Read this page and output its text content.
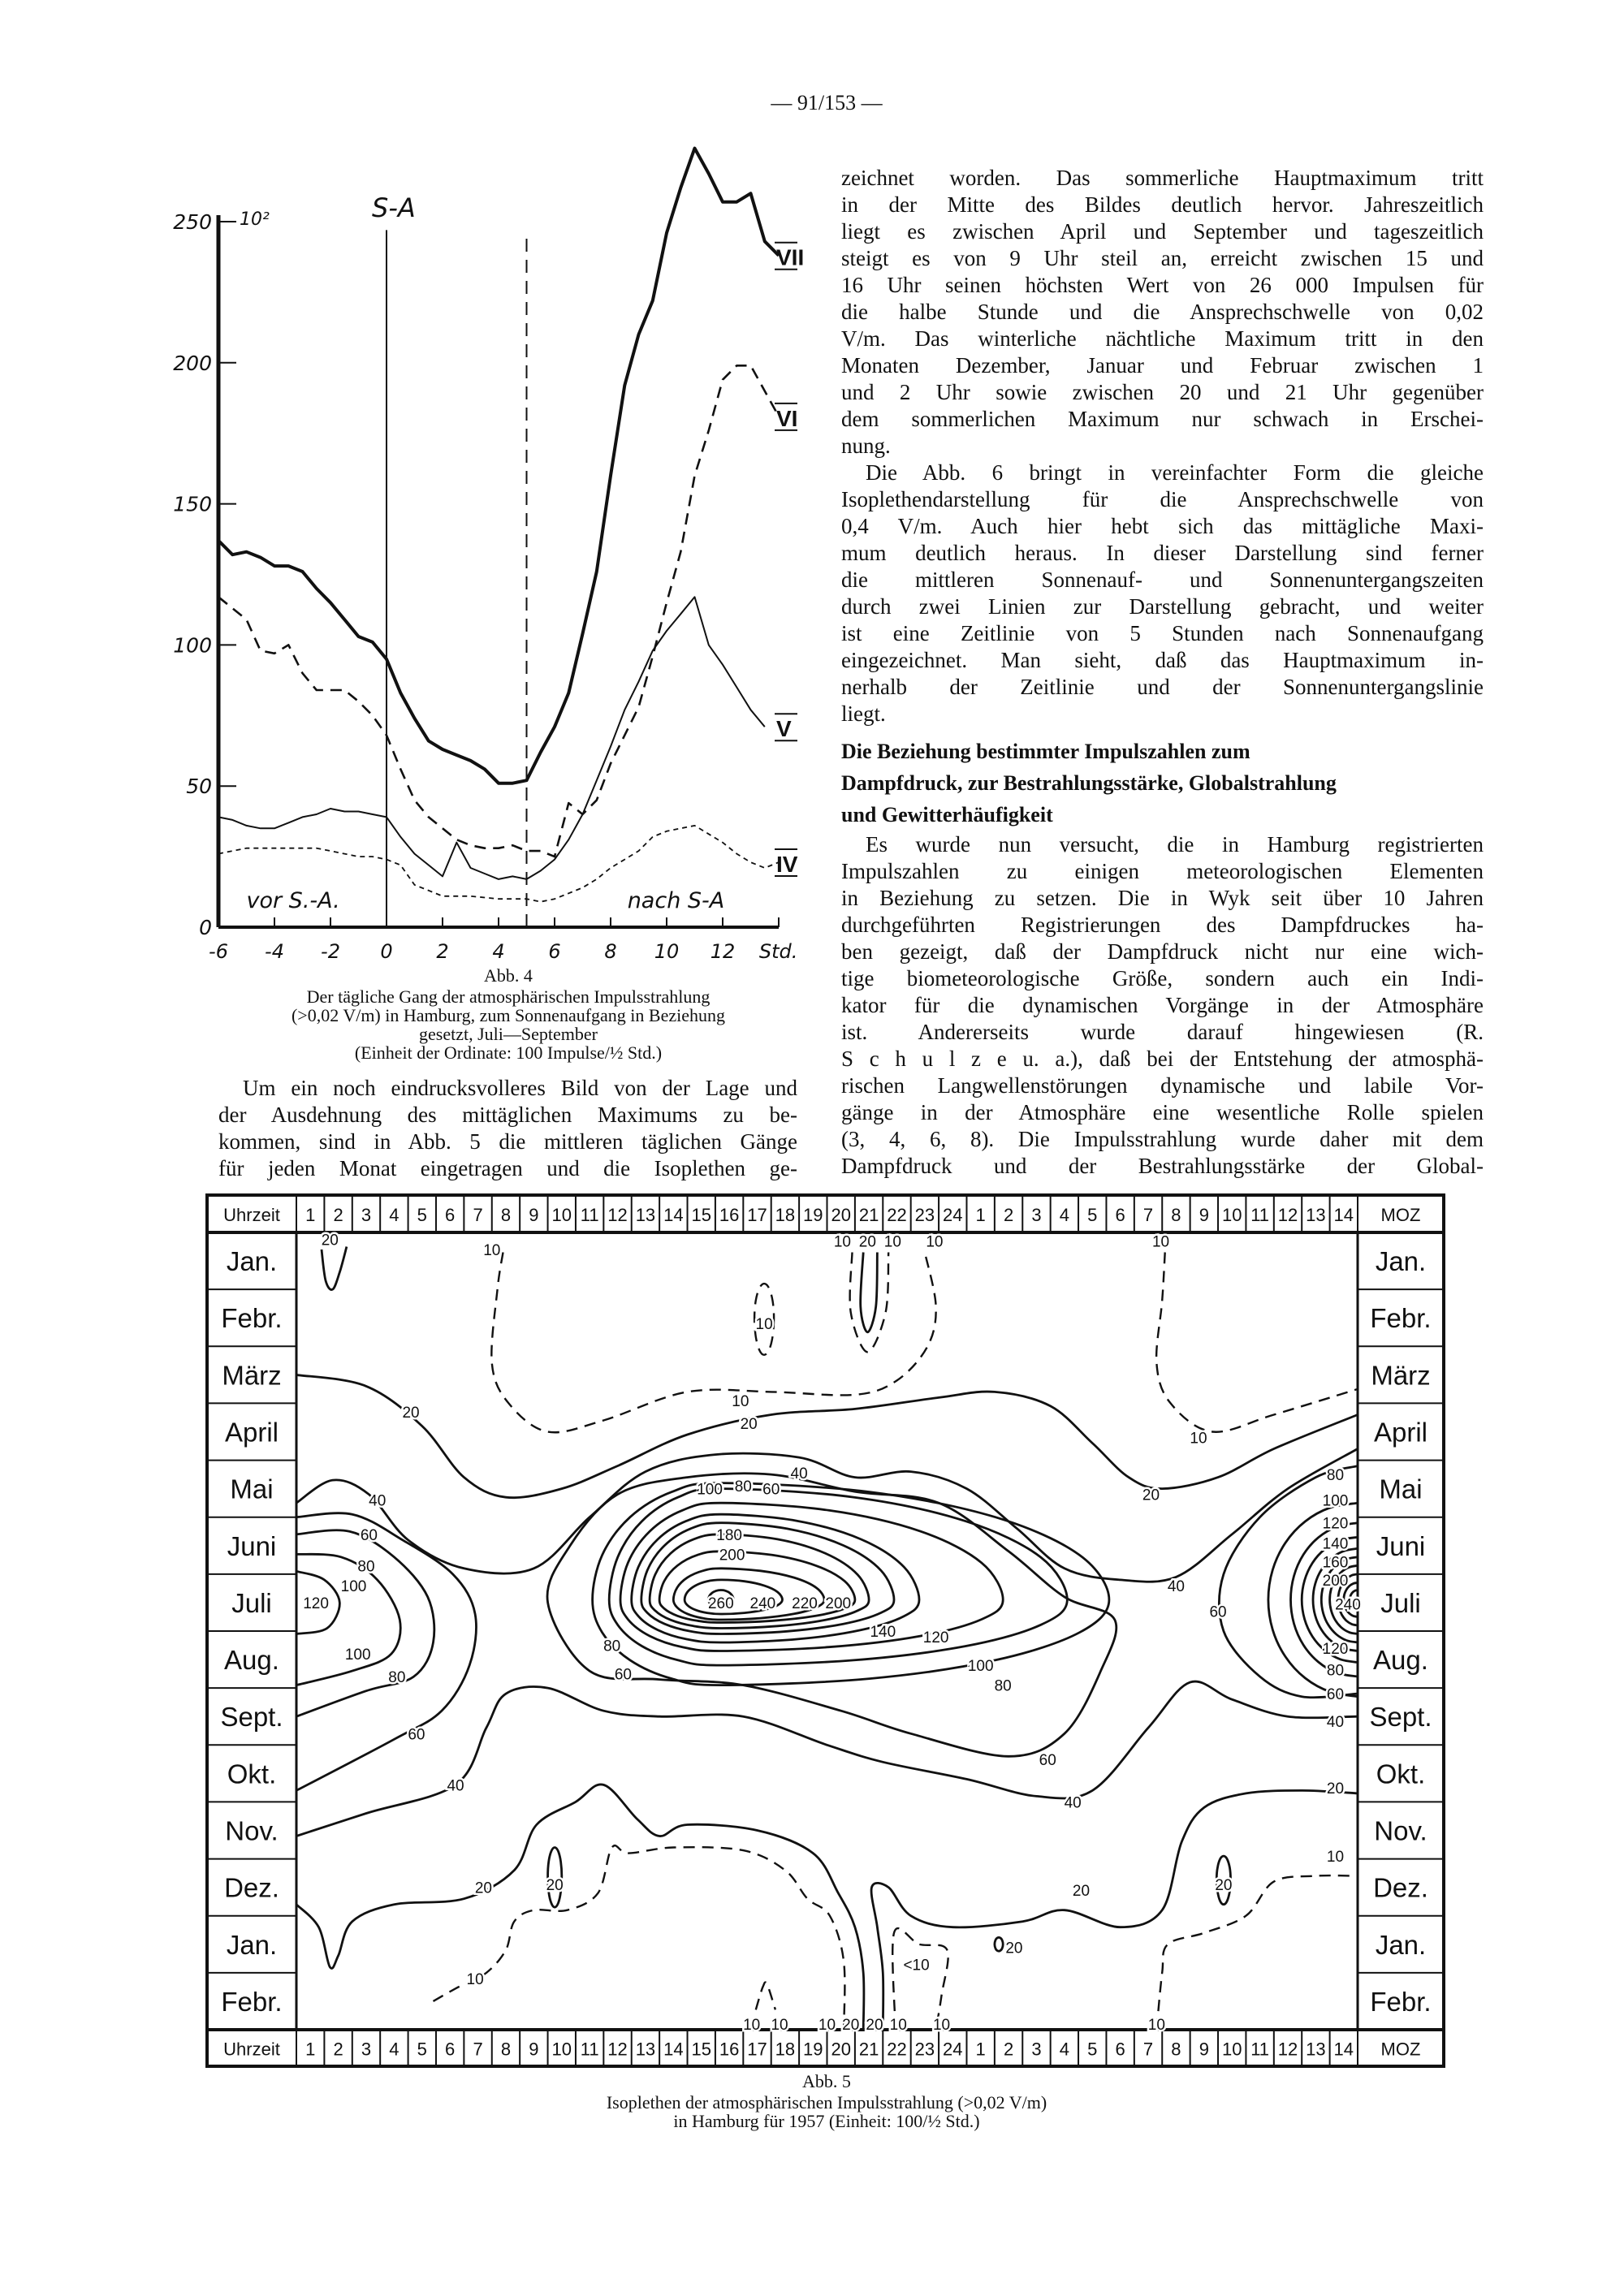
— 91/153 —
-6 -4 -2 0 2 4 6 8 10 12 Std.
0
50
100
150
200
250 10²	S-A
vor S.-A.	nach S-A
VII
VI
V
IV
Uhrzeit	MOZ
1 2 3 4 5 6 7 8 9 10 11 12 13 14 15 16 17 18 19 20 21 22 23 24 1 2 3 4 5 6 7 8 9 10 11 12 13 14
Uhrzeit	MOZ
1 2 3 4 5 6 7 8 9 10 11 12 13 14 15 16 17 18 19 20 21 22 23 24 1 2 3 4 5 6 7 8 9 10 11 12 13 14
Jan.	Jan.
Febr.	Febr.
März	März
April	April
Mai	Mai
Juni	Juni
Juli	Juli
Aug.	Aug.
Sept.	Sept.
Okt.	Okt.
Nov.	Nov.
Dez.	Dez.
Jan.	Jan.
Febr.	Febr.
20
10
10
10 20 10 10	10
10
20
20
10
20
40
100 80 60
40
60
80
180
200
100
120	260 240 220 200
140 120
100
80
80
60
100
80
60
40
60
40
40
60
80
100
120
140
160
200
240
120
80
60
40
20
10
20	20	20	20
20
<10
10
10 10 10 20 20 10 10	10
Abb. 4
Der tägliche Gang der atmosphärischen Impulsstrahlung
(>0,02 V/m) in Hamburg, zum Sonnenaufgang in Beziehung
gesetzt, Juli—September
(Einheit der Ordinate: 100 Impulse/½ Std.)
Um ein noch eindrucksvolleres Bild von der Lage und
der Ausdehnung des mittäglichen Maximums zu be-
kommen, sind in Abb. 5 die mittleren täglichen Gänge
für jeden Monat eingetragen und die Isoplethen ge-
zeichnet worden. Das sommerliche Hauptmaximum tritt
in der Mitte des Bildes deutlich hervor. Jahreszeitlich
liegt es zwischen April und September und tageszeitlich
steigt es von 9 Uhr steil an, erreicht zwischen 15 und
16 Uhr seinen höchsten Wert von 26 000 Impulsen für
die halbe Stunde und die Ansprechschwelle von 0,02
V/m. Das winterliche nächtliche Maximum tritt in den
Monaten Dezember, Januar und Februar zwischen 1
und 2 Uhr sowie zwischen 20 und 21 Uhr gegenüber
dem sommerlichen Maximum nur schwach in Erschei-
nung.
Die Abb. 6 bringt in vereinfachter Form die gleiche
Isoplethendarstellung für die Ansprechschwelle von
0,4 V/m. Auch hier hebt sich das mittägliche Maxi-
mum deutlich heraus. In dieser Darstellung sind ferner
die mittleren Sonnenauf- und Sonnenuntergangszeiten
durch zwei Linien zur Darstellung gebracht, und weiter
ist eine Zeitlinie von 5 Stunden nach Sonnenaufgang
eingezeichnet. Man sieht, daß das Hauptmaximum in-
nerhalb der Zeitlinie und der Sonnenuntergangslinie
liegt.
Die Beziehung bestimmter Impulszahlen zum
Dampfdruck, zur Bestrahlungsstärke, Globalstrahlung
und Gewitterhäufigkeit
Es wurde nun versucht, die in Hamburg registrierten
Impulszahlen zu einigen meteorologischen Elementen
in Beziehung zu setzen. Die in Wyk seit über 10 Jahren
durchgeführten Registrierungen des Dampfdruckes ha-
ben gezeigt, daß der Dampfdruck nicht nur eine wich-
tige biometeorologische Größe, sondern auch ein Indi-
kator für die dynamischen Vorgänge in der Atmosphäre
ist. Andererseits wurde darauf hingewiesen (R.
S c h u l z e u. a.), daß bei der Entstehung der atmosphä-
rischen Langwellenstörungen dynamische und labile Vor-
gänge in der Atmosphäre eine wesentliche Rolle spielen
(3, 4, 6, 8). Die Impulsstrahlung wurde daher mit dem
Dampfdruck und der Bestrahlungsstärke der Global-
Abb. 5
Isoplethen der atmosphärischen Impulsstrahlung (>0,02 V/m)
in Hamburg für 1957 (Einheit: 100/½ Std.)
